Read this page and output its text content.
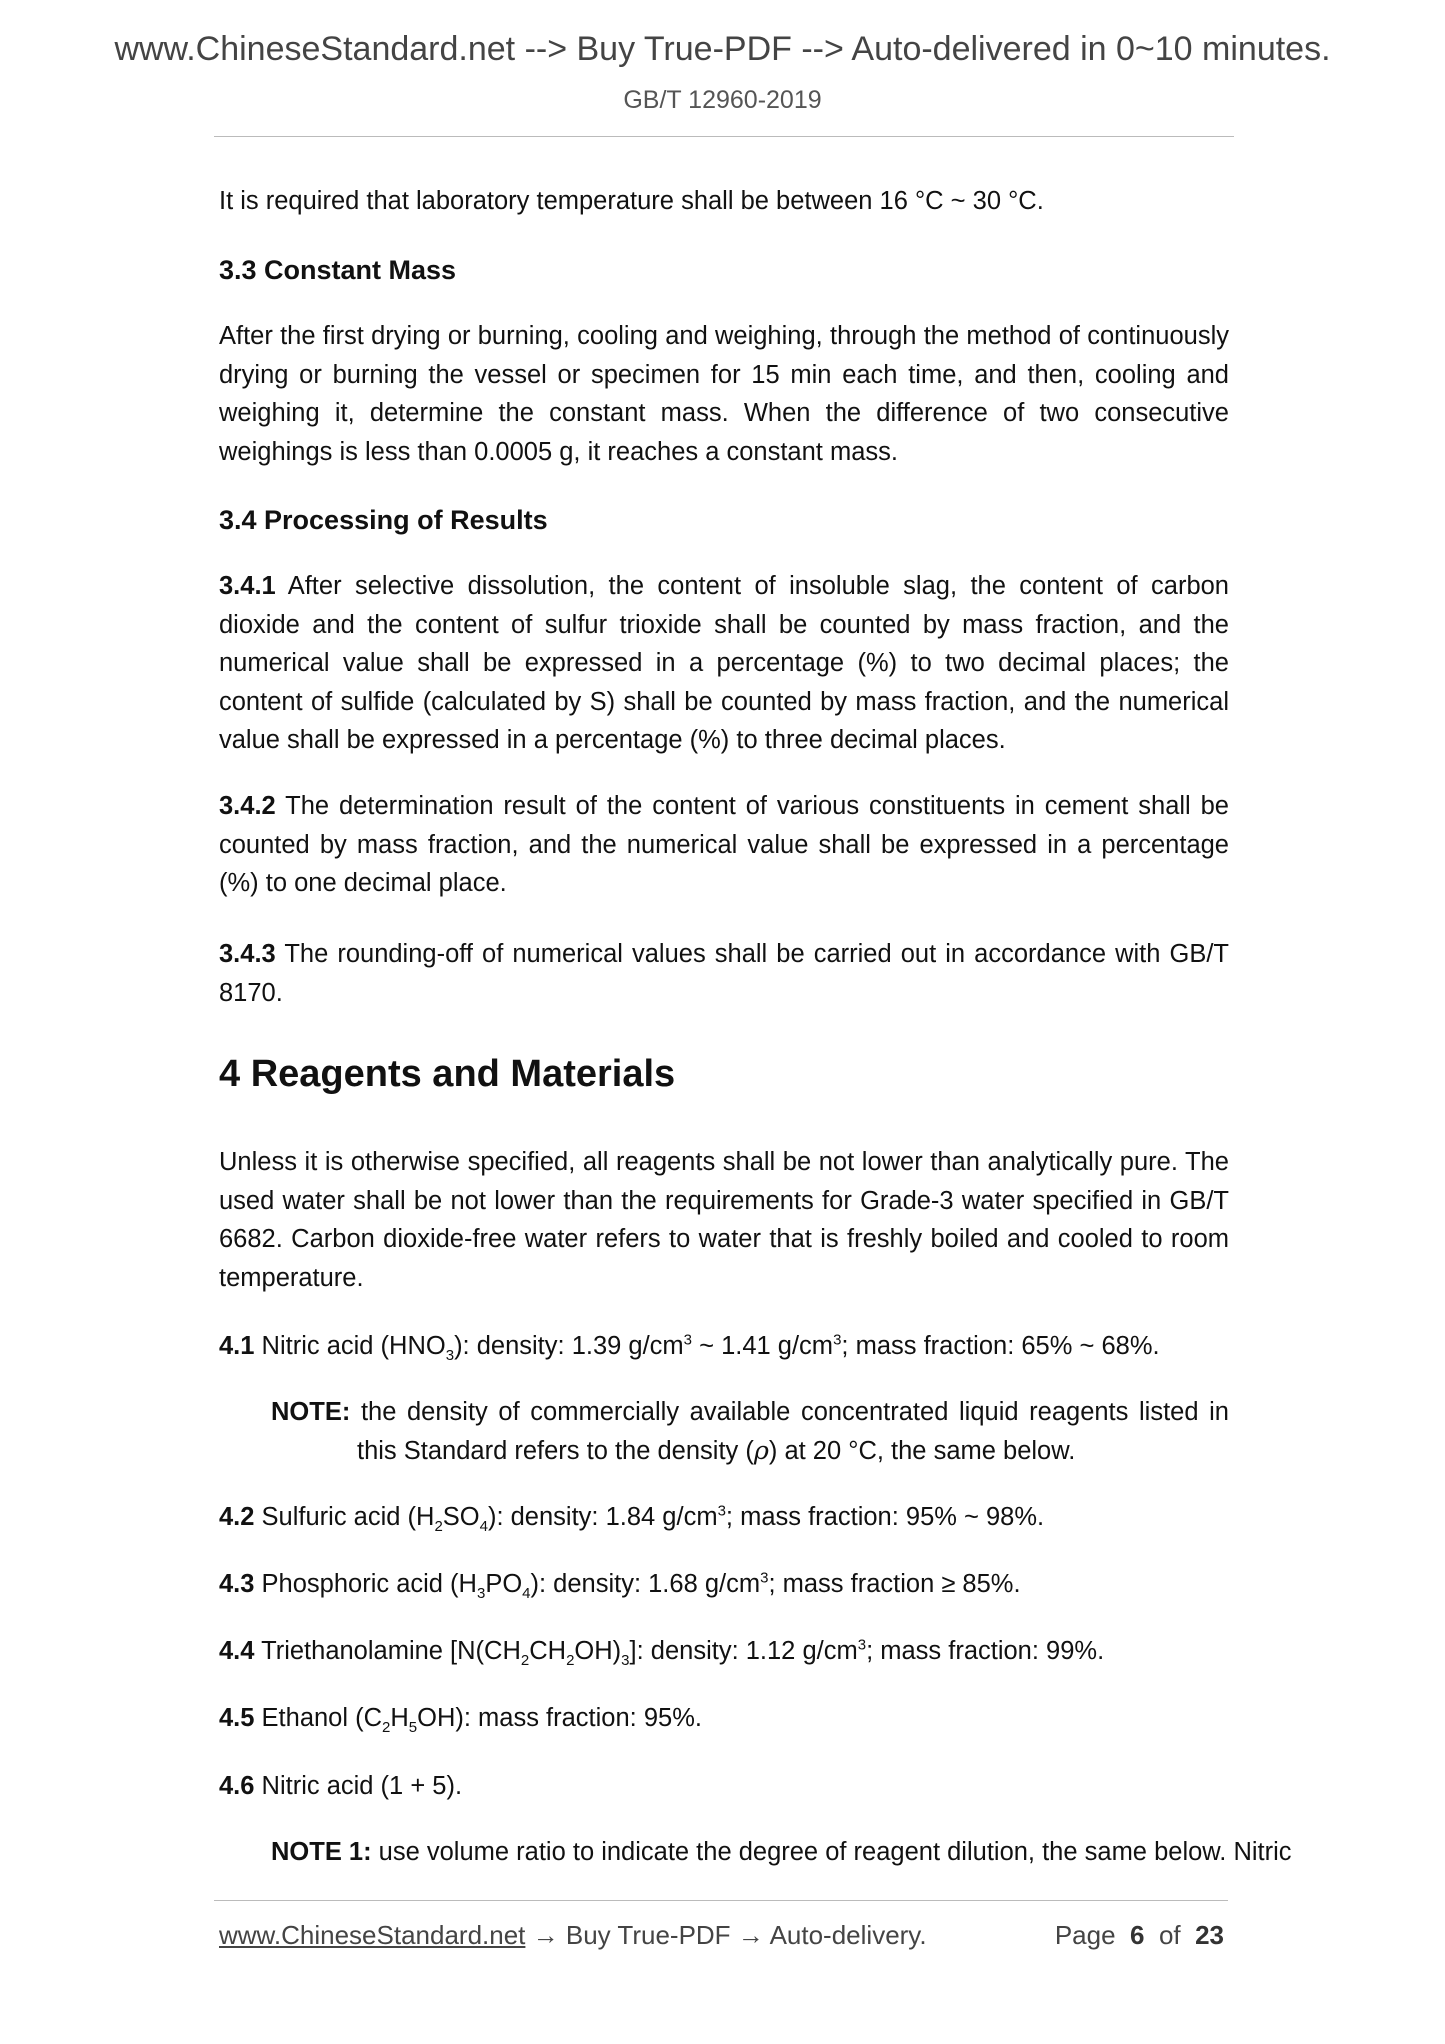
www.ChineseStandard.net --> Buy True-PDF --> Auto-delivered in 0~10 minutes.
GB/T 12960-2019

It is required that laboratory temperature shall be between 16 °C ~ 30 °C.

3.3 Constant Mass

After the first drying or burning, cooling and weighing, through the method of continuously drying or burning the vessel or specimen for 15 min each time, and then, cooling and weighing it, determine the constant mass. When the difference of two consecutive weighings is less than 0.0005 g, it reaches a constant mass.

3.4 Processing of Results

3.4.1 After selective dissolution, the content of insoluble slag, the content of carbon dioxide and the content of sulfur trioxide shall be counted by mass fraction, and the numerical value shall be expressed in a percentage (%) to two decimal places; the content of sulfide (calculated by S) shall be counted by mass fraction, and the numerical value shall be expressed in a percentage (%) to three decimal places.

3.4.2 The determination result of the content of various constituents in cement shall be counted by mass fraction, and the numerical value shall be expressed in a percentage (%) to one decimal place.

3.4.3 The rounding-off of numerical values shall be carried out in accordance with GB/T 8170.

4 Reagents and Materials

Unless it is otherwise specified, all reagents shall be not lower than analytically pure. The used water shall be not lower than the requirements for Grade-3 water specified in GB/T 6682. Carbon dioxide-free water refers to water that is freshly boiled and cooled to room temperature.

4.1 Nitric acid $(HNO_3)$: density: 1.39 $g/cm^3$ ~ 1.41 $g/cm^3$; mass fraction: 65% ~ 68%.

NOTE: the density of commercially available concentrated liquid reagents listed in this Standard refers to the density (ρ) at 20 °C, the same below.

4.2 Sulfuric acid $(H_2SO_4)$: density: 1.84 $g/cm^3$; mass fraction: 95% ~ 98%.

4.3 Phosphoric acid $(H_3PO_4)$: density: 1.68 $g/cm^3$; mass fraction ≥ 85%.

4.4 Triethanolamine $[N(CH_2CH_2OH)_3]$: density: 1.12 $g/cm^3$; mass fraction: 99%.

4.5 Ethanol $(C_2H_5OH)$: mass fraction: 95%.

4.6 Nitric acid (1 + 5).

NOTE 1: use volume ratio to indicate the degree of reagent dilution, the same below. Nitric

www.ChineseStandard.net → Buy True-PDF → Auto-delivery.	Page 6 of 23
